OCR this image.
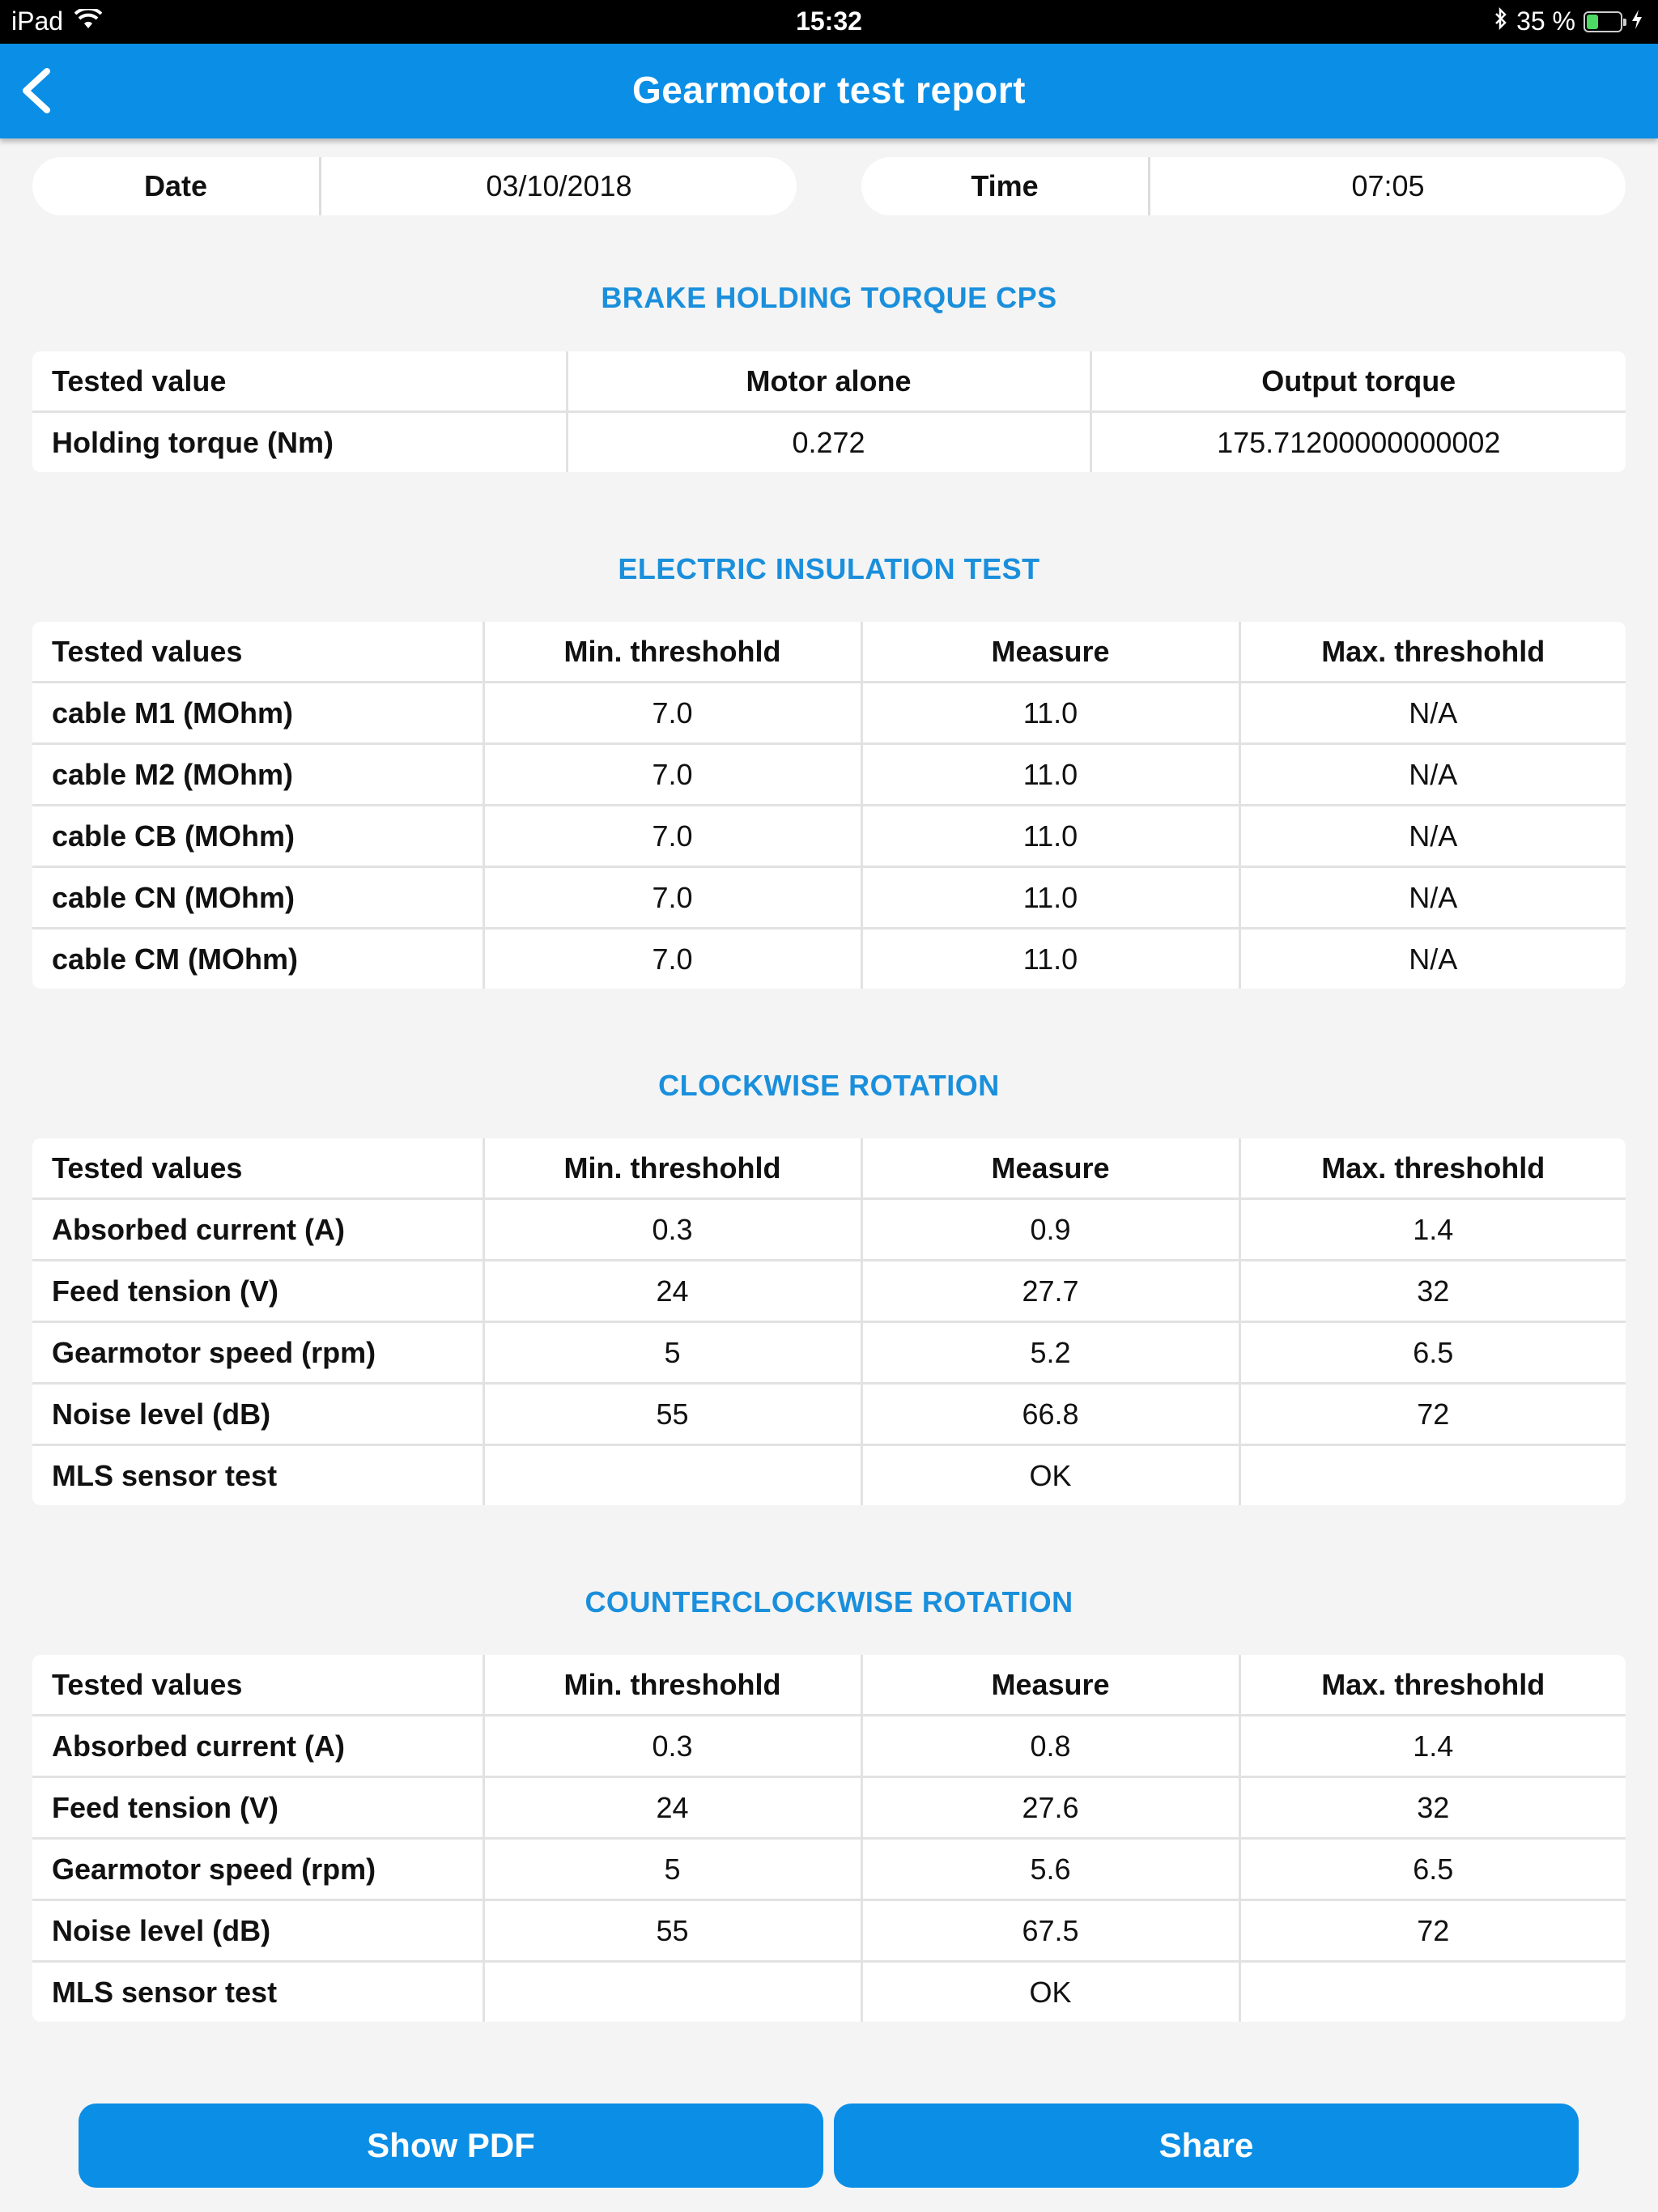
iPad	15:32	35 %
Gearmotor test report
Date	03/10/2018	Time	07:05
BRAKE HOLDING TORQUE CPS
Tested value	Motor alone	Output torque
Holding torque (Nm)	0.272	175.71200000000002
ELECTRIC INSULATION TEST
Tested values	Min. threshohld	Measure	Max. threshohld
cable M1 (MOhm)	7.0	11.0	N/A
cable M2 (MOhm)	7.0	11.0	N/A
cable CB (MOhm)	7.0	11.0	N/A
cable CN (MOhm)	7.0	11.0	N/A
cable CM (MOhm)	7.0	11.0	N/A
CLOCKWISE ROTATION
Tested values	Min. threshohld	Measure	Max. threshohld
Absorbed current (A)	0.3	0.9	1.4
Feed tension (V)	24	27.7	32
Gearmotor speed (rpm)	5	5.2	6.5
Noise level (dB)	55	66.8	72
MLS sensor test		OK	
COUNTERCLOCKWISE ROTATION
Tested values	Min. threshohld	Measure	Max. threshohld
Absorbed current (A)	0.3	0.8	1.4
Feed tension (V)	24	27.6	32
Gearmotor speed (rpm)	5	5.6	6.5
Noise level (dB)	55	67.5	72
MLS sensor test		OK	
Show PDF	Share
